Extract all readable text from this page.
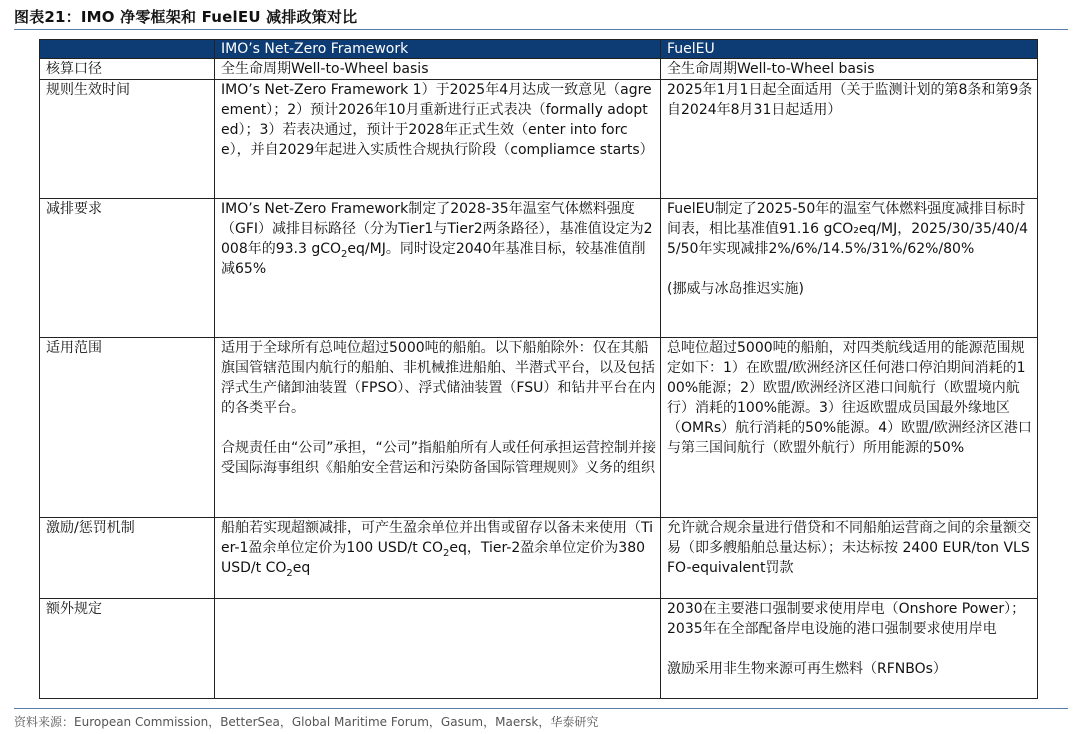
图表21：IMO 净零框架和 FuelEU 减排政策对比
	IMO’s Net-Zero Framework	FuelEU
核算口径	全生命周期Well-to-Wheel basis	全生命周期Well-to-Wheel basis

规则生效时间	IMO’s Net-Zero Framework 1）于2025年4月达成一致意见（agreement）；2）预计2026年10月重新进行正式表决（formally adopted）；3）若表决通过，预计于2028年正式生效（enter into force），并自2029年起进入实质性合规执行阶段（compliamce starts）	2025年1月1日起全面适用（关于监测计划的第8条和第9条自2024年8月31日起适用）

减排要求	IMO’s Net-Zero Framework制定了2028-35年温室气体燃料强度（GFI）减排目标路径（分为Tier1与Tier2两条路径），基准值设定为2008年的93.3 gCO$_2$eq/MJ。同时设定2040年基准目标，较基准值削减65%	FuelEU制定了2025-50年的温室气体燃料强度减排目标时间表，相比基准值91.16 gCO₂eq/MJ，2025/30/35/40/45/50年实现减排2%/6%/14.5%/31%/62%/80%
(挪威与冰岛推迟实施)

适用范围	适用于全球所有总吨位超过5000吨的船舶。以下船舶除外：仅在其船旗国管辖范围内航行的船舶、非机械推进船舶、半潜式平台，以及包括浮式生产储卸油装置（FPSO）、浮式储油装置（FSU）和钻井平台在内的各类平台。
合规责任由“公司”承担，“公司”指船舶所有人或任何承担运营控制并接受国际海事组织《船舶安全营运和污染防备国际管理规则》义务的组织	总吨位超过5000吨的船舶，对四类航线适用的能源范围规定如下：1）在欧盟/欧洲经济区任何港口停泊期间消耗的100%能源；2）欧盟/欧洲经济区港口间航行（欧盟境内航行）消耗的100%能源。3）往返欧盟成员国最外缘地区（OMRs）航行消耗的50%能源。4）欧盟/欧洲经济区港口与第三国间航行（欧盟外航行）所用能源的50%

激励/惩罚机制	船舶若实现超额减排，可产生盈余单位并出售或留存以备未来使用（Tier-1盈余单位定价为100 USD/t $CO_2eq$，Tier-2盈余单位定价为380 USD/t $CO_2eq$	允许就合规余量进行借贷和不同船舶运营商之间的余量额交易（即多艘船舶总量达标）；未达标按 2400 EUR/ton VLSFO-equivalent罚款

额外规定		2030在主要港口强制要求使用岸电（Onshore Power）；2035年在全部配备岸电设施的港口强制要求使用岸电
激励采用非生物来源可再生燃料（RFNBOs）
资料来源：European Commission，BetterSea，Global Maritime Forum，Gasum，Maersk，华泰研究
